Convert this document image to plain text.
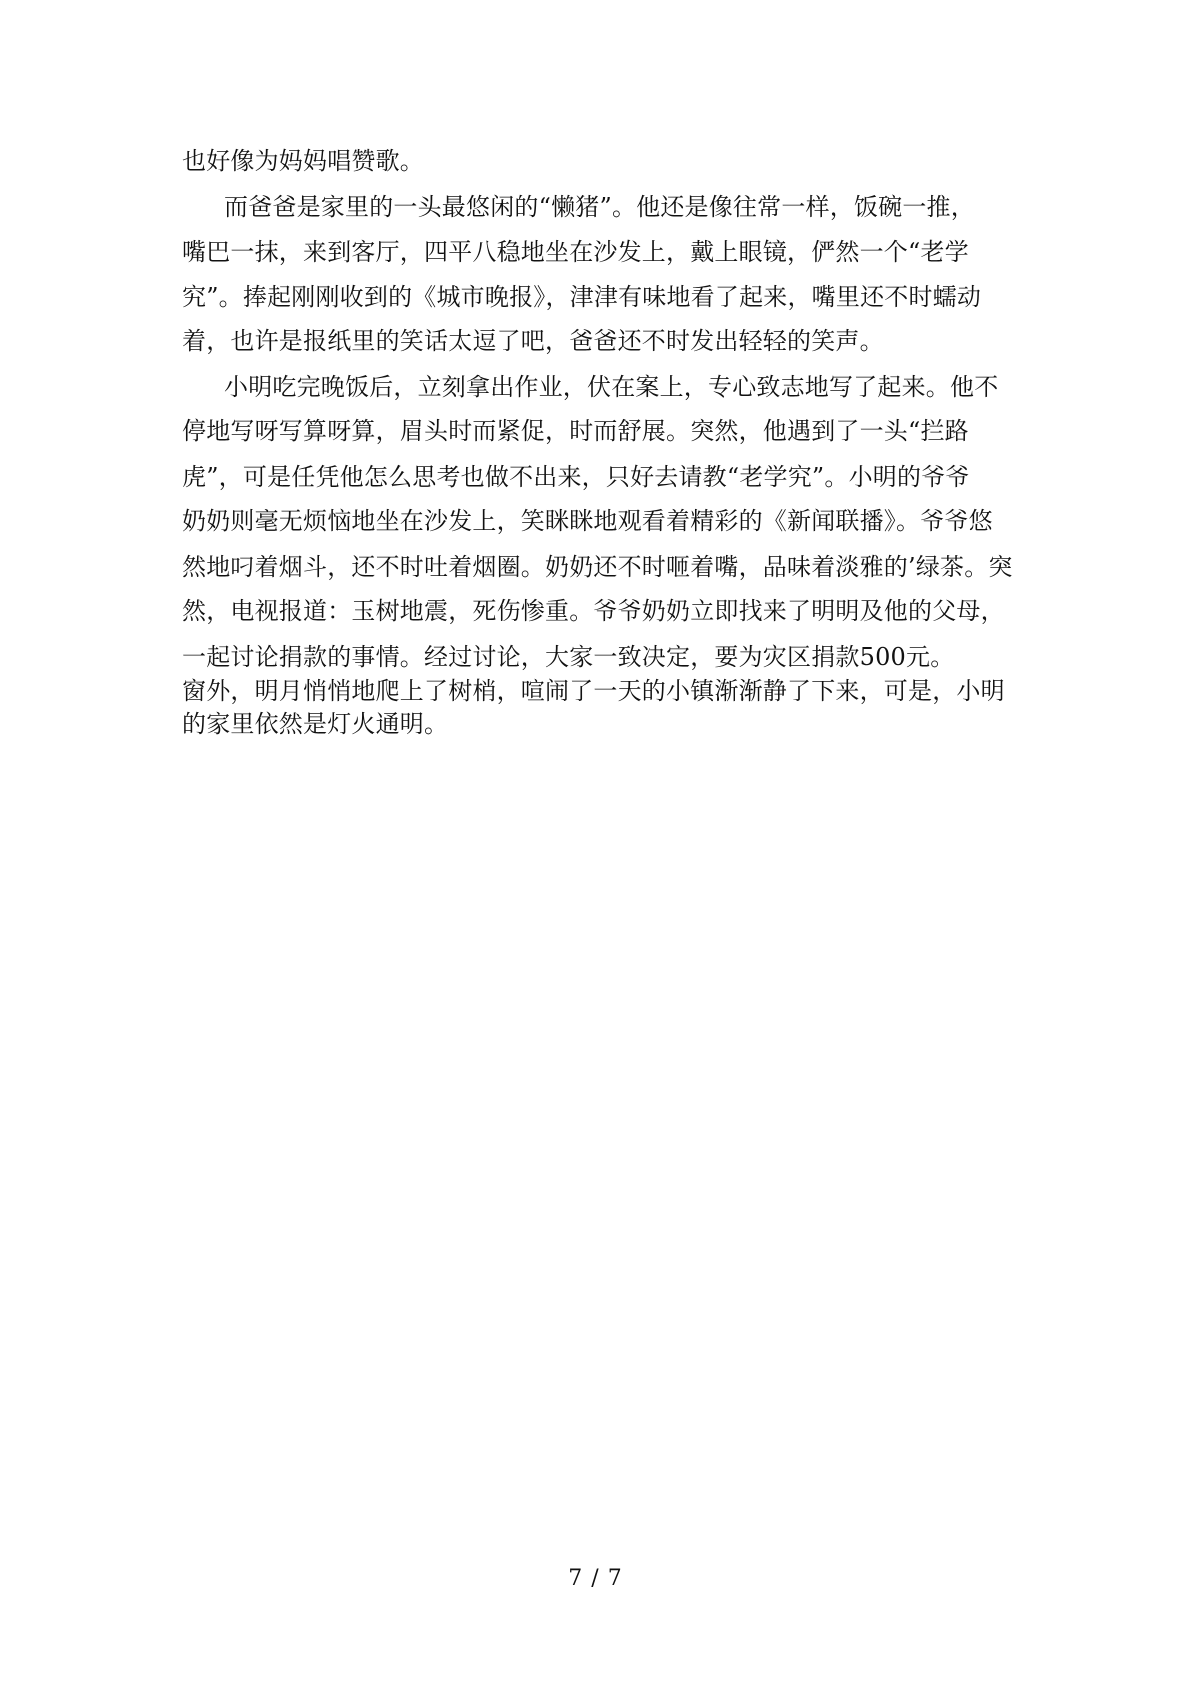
也好像为妈妈唱赞歌。
而爸爸是家里的一头最悠闲的“懒猪”。他还是像往常一样，饭碗一推，
嘴巴一抹，来到客厅，四平八稳地坐在沙发上，戴上眼镜，俨然一个“老学
究”。捧起刚刚收到的《城市晚报》，津津有味地看了起来，嘴里还不时蠕动
着，也许是报纸里的笑话太逗了吧，爸爸还不时发出轻轻的笑声。
小明吃完晚饭后，立刻拿出作业，伏在案上，专心致志地写了起来。他不
停地写呀写算呀算，眉头时而紧促，时而舒展。突然，他遇到了一头“拦路
虎”，可是任凭他怎么思考也做不出来，只好去请教“老学究”。小明的爷爷
奶奶则毫无烦恼地坐在沙发上，笑眯眯地观看着精彩的《新闻联播》。爷爷悠
然地叼着烟斗，还不时吐着烟圈。奶奶还不时咂着嘴，品味着淡雅的’绿茶。突
然，电视报道：玉树地震，死伤惨重。爷爷奶奶立即找来了明明及他的父母，
一起讨论捐款的事情。经过讨论，大家一致决定，要为灾区捐款500元。
窗外，明月悄悄地爬上了树梢，喧闹了一天的小镇渐渐静了下来，可是，小明
的家里依然是灯火通明。
7 / 7
